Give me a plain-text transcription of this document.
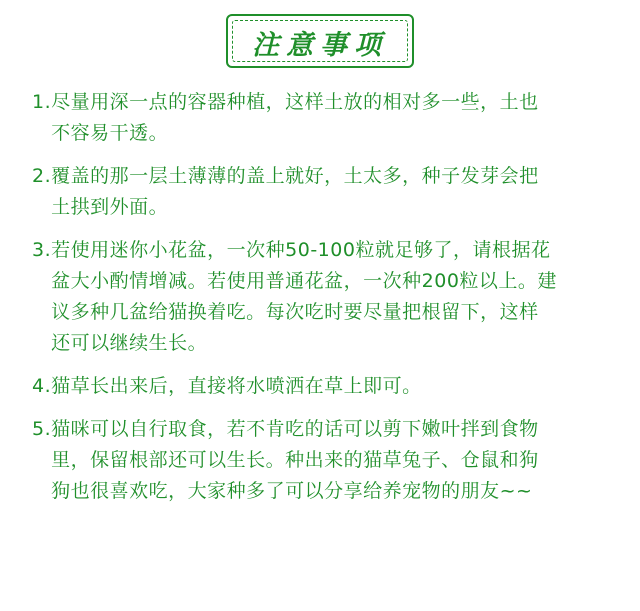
注意事项
1. 尽量用深一点的容器种植，这样土放的相对多一些，土也
不容易干透。
2. 覆盖的那一层土薄薄的盖上就好，土太多，种子发芽会把
土拱到外面。
3. 若使用迷你小花盆，一次种50-100粒就足够了，请根据花
盆大小酌情增减。若使用普通花盆，一次种200粒以上。建
议多种几盆给猫换着吃。每次吃时要尽量把根留下，这样
还可以继续生长。
4. 猫草长出来后，直接将水喷洒在草上即可。
5. 猫咪可以自行取食，若不肯吃的话可以剪下嫩叶拌到食物
里，保留根部还可以生长。种出来的猫草兔子、仓鼠和狗
狗也很喜欢吃，大家种多了可以分享给养宠物的朋友~~
